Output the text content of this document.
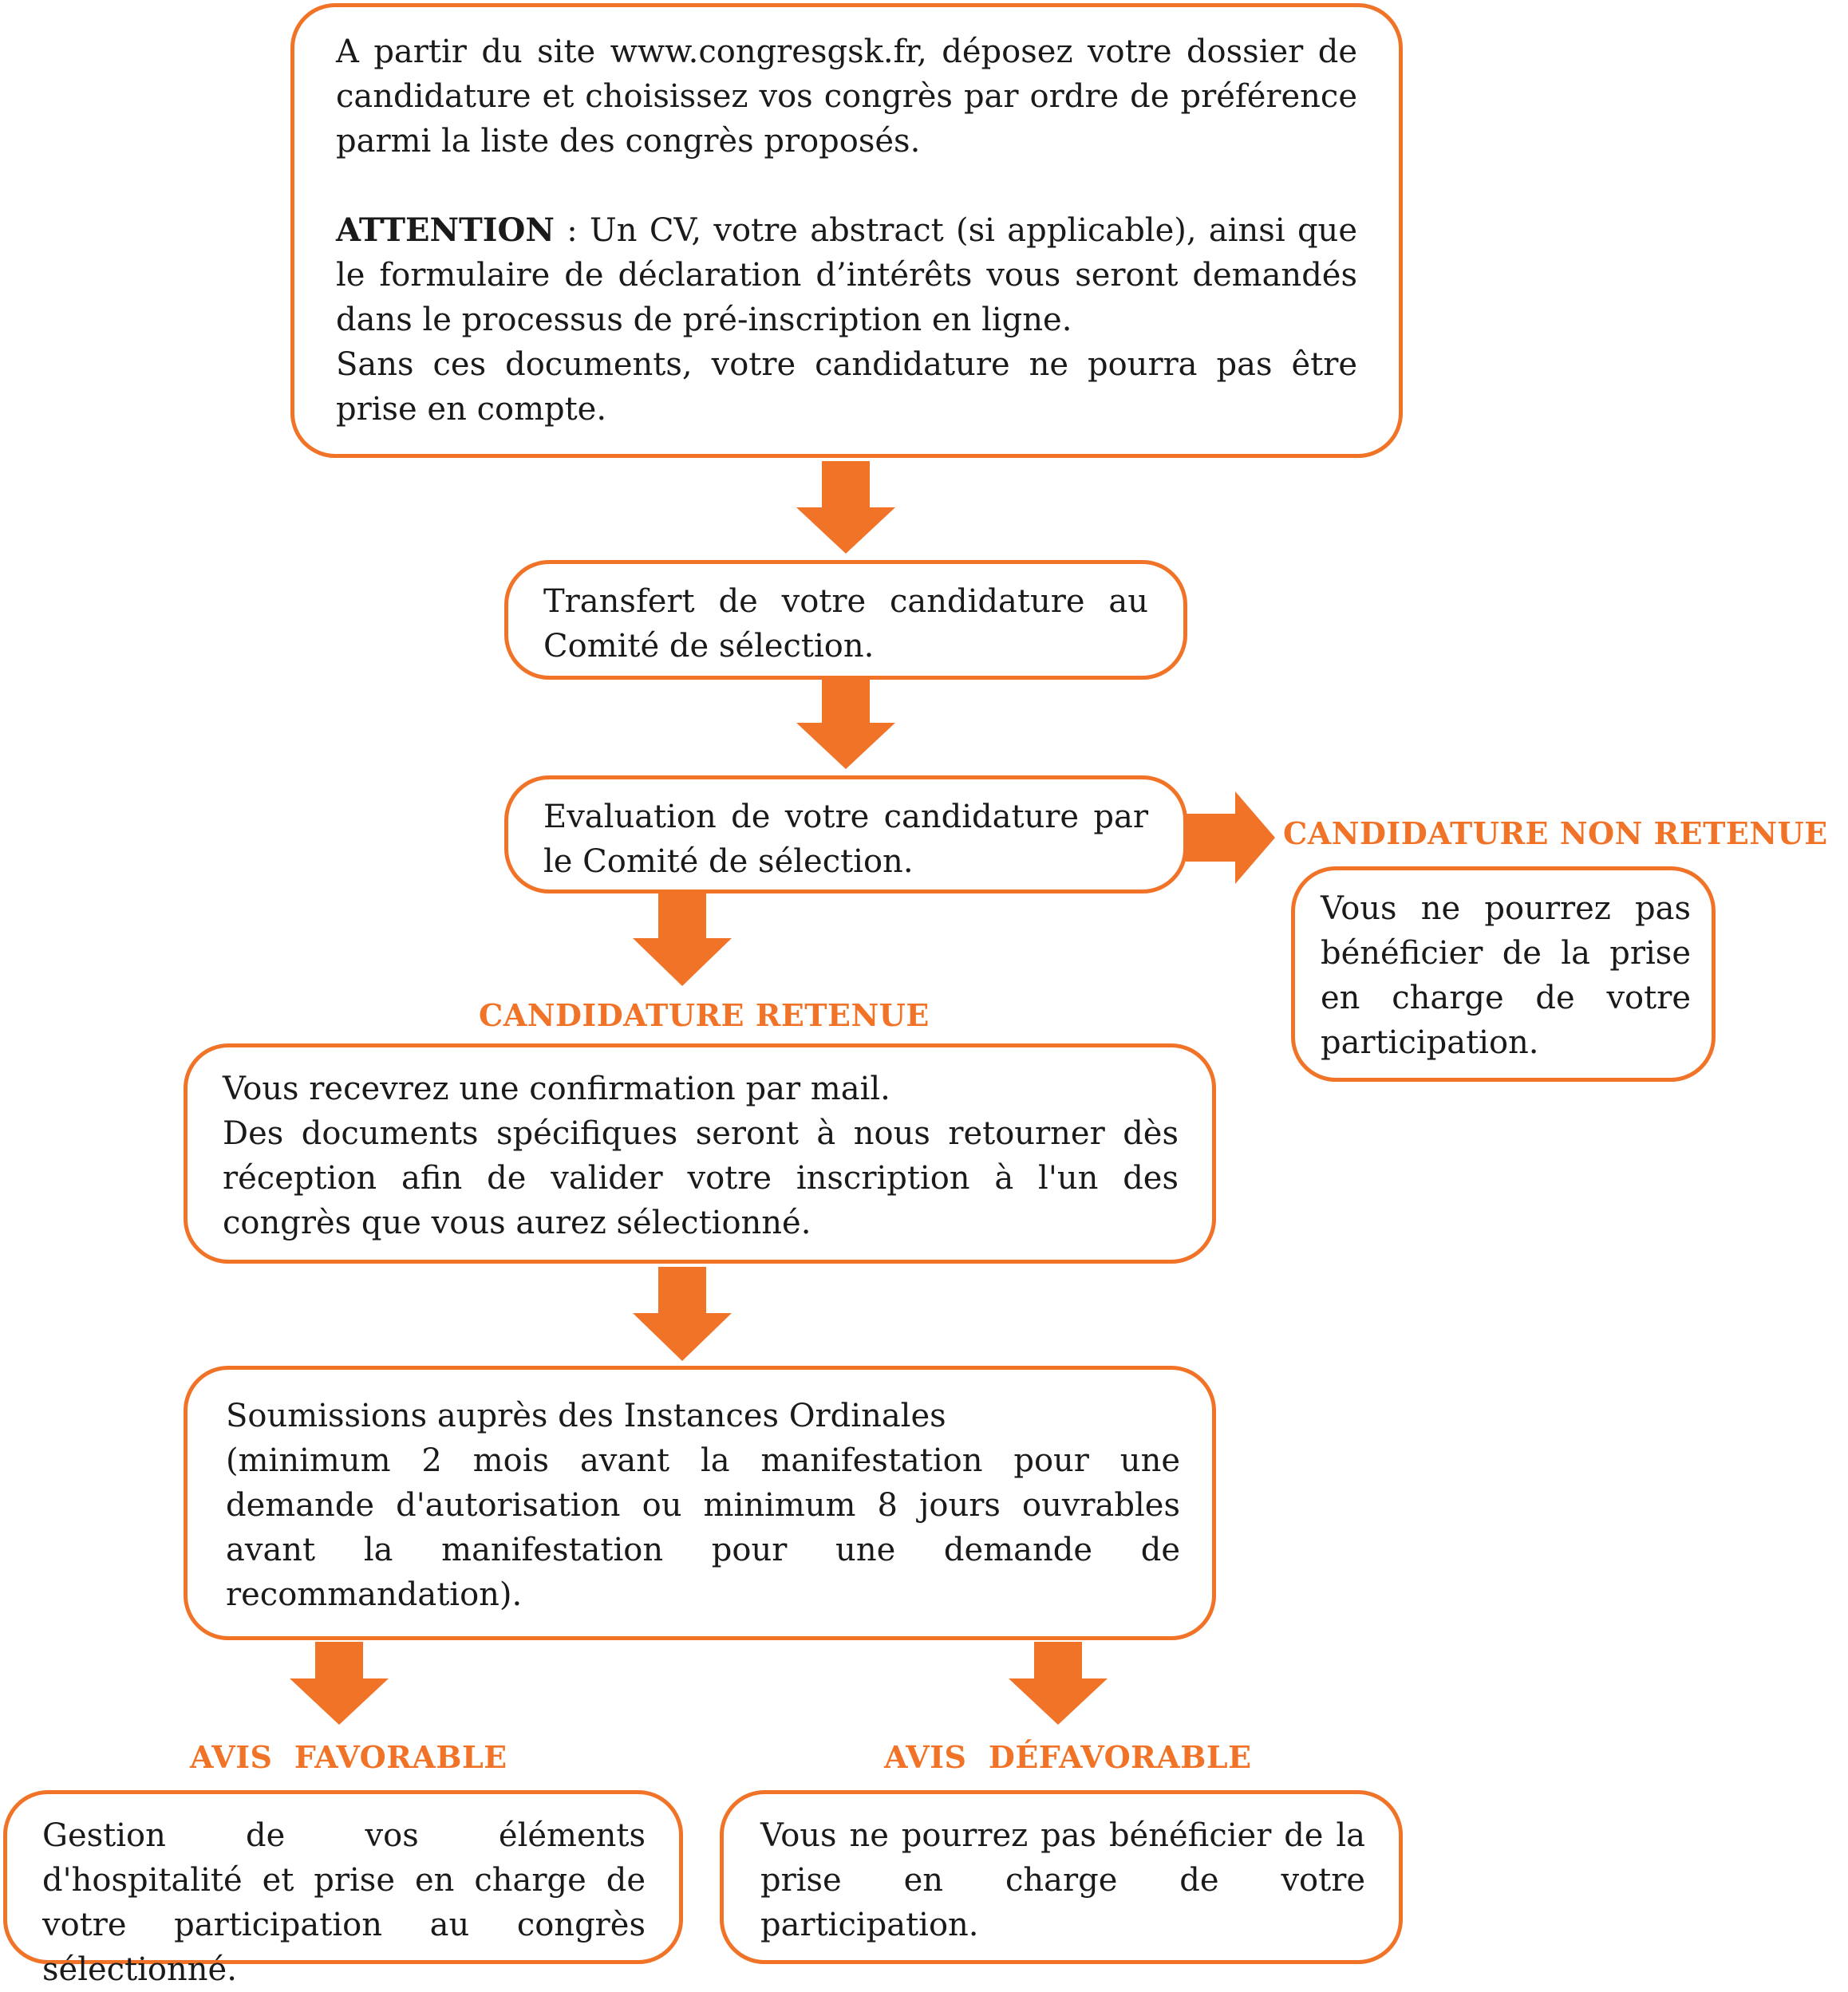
A partir du site www.congresgsk.fr, déposez votre dossier de candidature et choisissez vos congrès par ordre de préférence parmi la liste des congrès proposés.

ATTENTION : Un CV, votre abstract (si applicable), ainsi que le formulaire de déclaration d’intérêts vous seront demandés dans le processus de pré-inscription en ligne.

Sans ces documents, votre candidature ne pourra pas être prise en compte.

Transfert de votre candidature au Comité de sélection.

Evaluation de votre candidature par le Comité de sélection.

CANDIDATURE NON RETENUE

Vous ne pourrez pas bénéficier de la prise en charge de votre participation.

CANDIDATURE RETENUE

Vous recevrez une confirmation par mail.

Des documents spécifiques seront à nous retourner dès réception afin de valider votre inscription à l'un des congrès que vous aurez sélectionné.

Soumissions auprès des Instances Ordinales

(minimum 2 mois avant la manifestation pour une demande d'autorisation ou minimum 8 jours ouvrables avant la manifestation pour une demande de recommandation).

AVIS  FAVORABLE	AVIS  DÉFAVORABLE

Gestion de vos éléments d'hospitalité et prise en charge de votre participation au congrès sélectionné.

Vous ne pourrez pas bénéficier de la prise en charge de votre participation.
